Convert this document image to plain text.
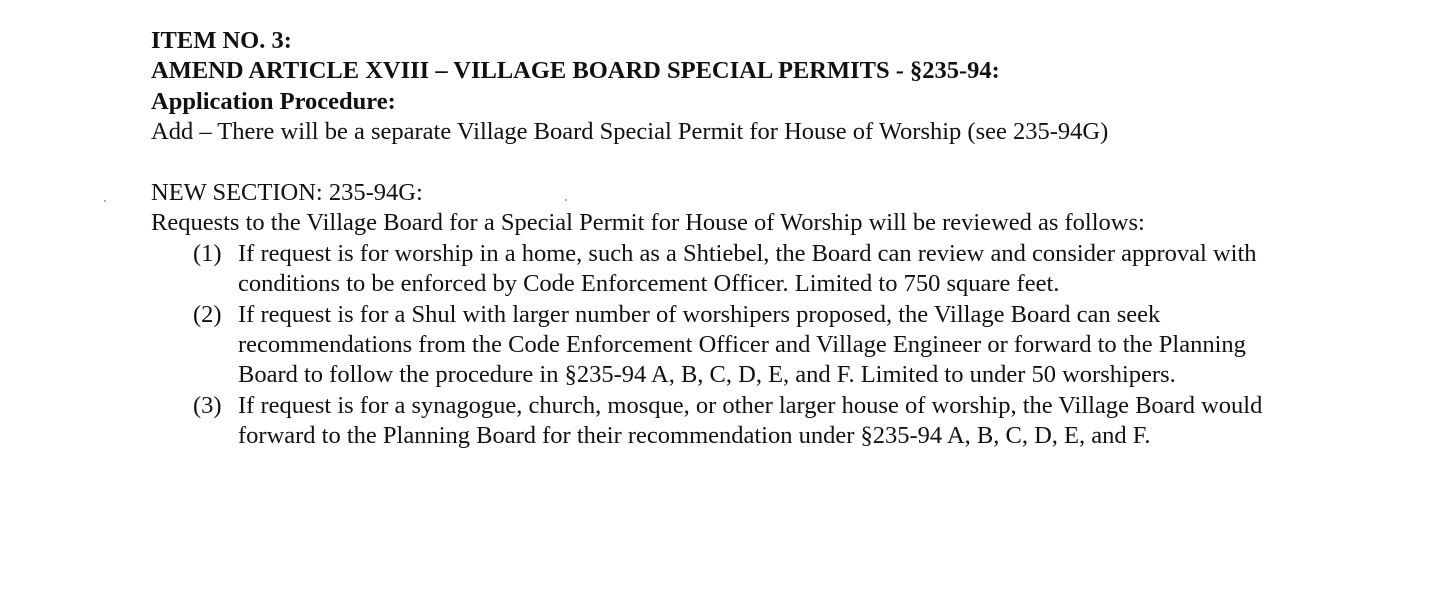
ITEM NO. 3:

AMEND ARTICLE XVIII – VILLAGE BOARD SPECIAL PERMITS - §235-94:

Application Procedure:

Add – There will be a separate Village Board Special Permit for House of Worship (see 235-94G)

NEW SECTION: 235-94G:

Requests to the Village Board for a Special Permit for House of Worship will be reviewed as follows:

(1) If request is for worship in a home, such as a Shtiebel, the Board can review and consider approval with conditions to be enforced by Code Enforcement Officer. Limited to 750 square feet.
(2) If request is for a Shul with larger number of worshipers proposed, the Village Board can seek recommendations from the Code Enforcement Officer and Village Engineer or forward to the Planning Board to follow the procedure in §235-94 A, B, C, D, E, and F. Limited to under 50 worshipers.
(3) If request is for a synagogue, church, mosque, or other larger house of worship, the Village Board would forward to the Planning Board for their recommendation under §235-94 A, B, C, D, E, and F.
